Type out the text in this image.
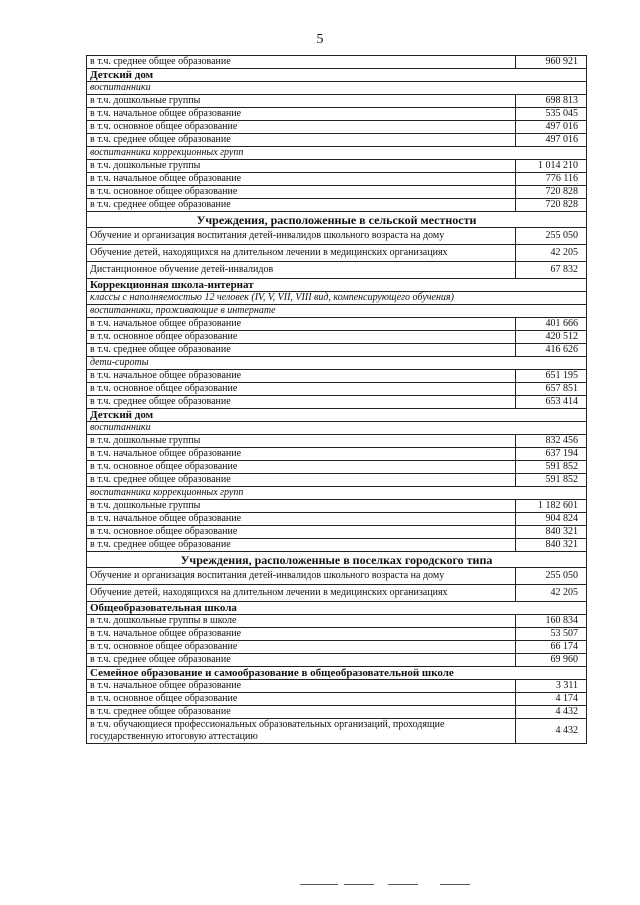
5
в т.ч. среднее общее образование	960 921
Детский дом	
воспитанники	
в т.ч. дошкольные группы	698 813
в т.ч. начальное общее образование	535 045
в т.ч. основное общее образование	497 016
в т.ч. среднее общее образование	497 016
воспитанники коррекционных групп	
в т.ч. дошкольные группы	1 014 210
в т.ч. начальное общее образование	776 116
в т.ч. основное общее образование	720 828
в т.ч. среднее общее образование	720 828
Учреждения, расположенные в сельской местности	
Обучение и организация воспитания детей-инвалидов школьного возраста на дому	255 050
Обучение детей, находящихся на длительном лечении в медицинских организациях	42 205
Дистанционное обучение детей-инвалидов	67 832
Коррекционная школа-интернат	
классы с наполняемостью 12 человек (IV, V, VII, VIII вид, компенсирующего обучения)	
воспитанники, проживающие в интернате	
в т.ч. начальное общее образование	401 666
в т.ч. основное общее образование	420 512
в т.ч. среднее общее образование	416 626
дети-сироты	
в т.ч. начальное общее образование	651 195
в т.ч. основное общее образование	657 851
в т.ч. среднее общее образование	653 414
Детский дом	
воспитанники	
в т.ч. дошкольные группы	832 456
в т.ч. начальное общее образование	637 194
в т.ч. основное общее образование	591 852
в т.ч. среднее общее образование	591 852
воспитанники коррекционных групп	
в т.ч. дошкольные группы	1 182 601
в т.ч. начальное общее образование	904 824
в т.ч. основное общее образование	840 321
в т.ч. среднее общее образование	840 321
Учреждения, расположенные в поселках городского типа	
Обучение и организация воспитания детей-инвалидов школьного возраста на дому	255 050
Обучение детей, находящихся на длительном лечении в медицинских организациях	42 205
Общеобразовательная школа	
в т.ч. дошкольные группы в школе	160 834
в т.ч. начальное общее образование	53 507
в т.ч. основное общее образование	66 174
в т.ч. среднее общее образование	69 960
Семейное образование и самообразование в общеобразовательной школе	
в т.ч. начальное общее образование	3 311
в т.ч. основное общее образование	4 174
в т.ч. среднее общее образование	4 432
в т.ч. обучающиеся профессиональных образовательных организаций, проходящие государственную итоговую аттестацию	4 432
